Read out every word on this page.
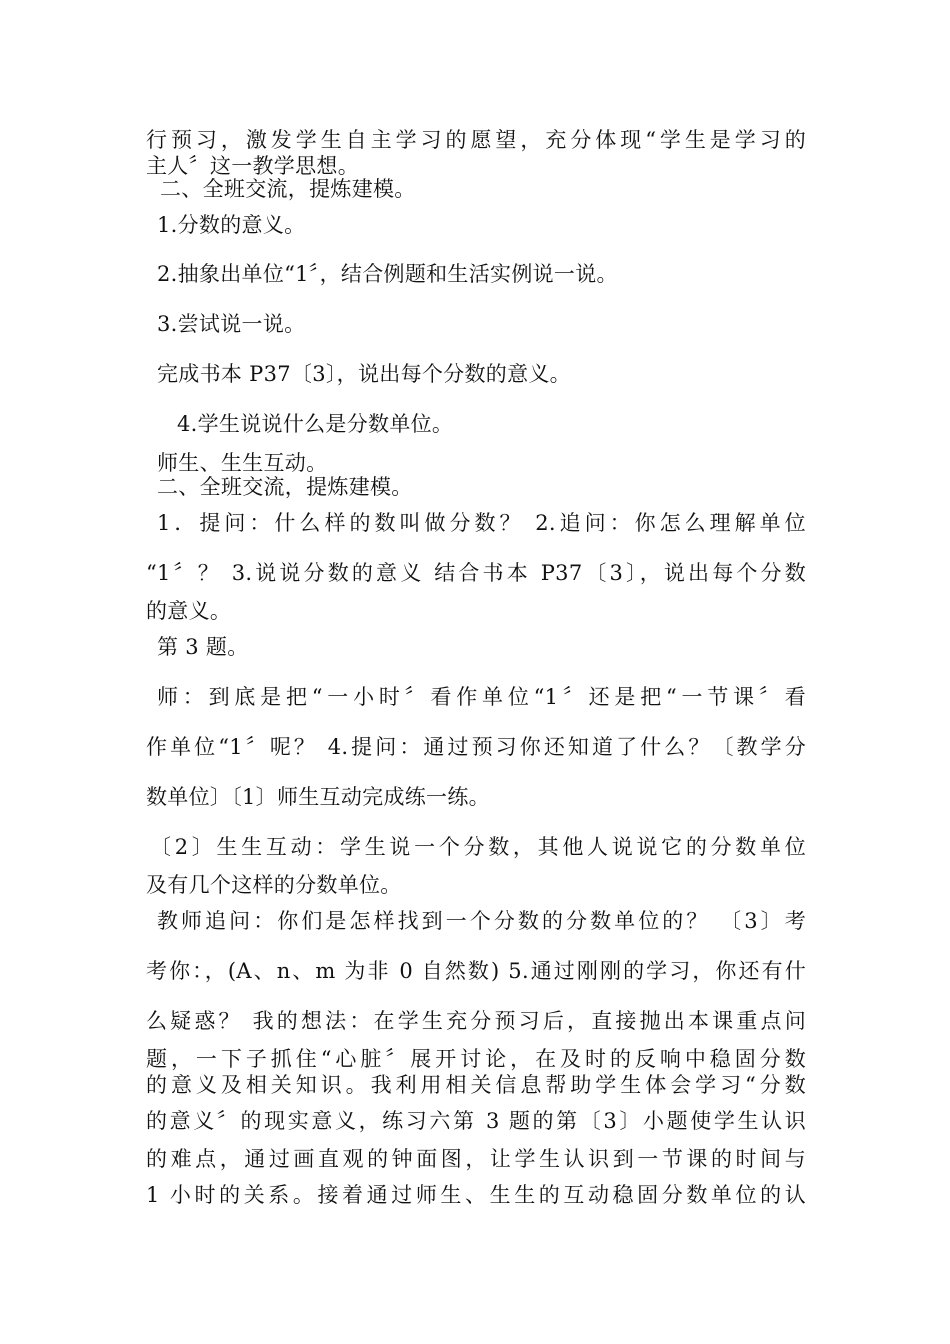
行预习，激发学生自主学习的愿望，充分体现“学生是学习的
主人〞这一教学思想。
二、全班交流，提炼建模。
1.分数的意义。
2.抽象出单位“1〞，结合例题和生活实例说一说。
3.尝试说一说。
完成书本 P37〔3〕，说出每个分数的意义。
4.学生说说什么是分数单位。
师生、生生互动。
二、全班交流，提炼建模。
1．提问：什么样的数叫做分数？ 2.追问：你怎么理解单位
“1〞？ 3.说说分数的意义 结合书本 P37〔3〕，说出每个分数
的意义。
第 3 题。
师：到底是把“一小时〞看作单位“1〞还是把“一节课〞看
作单位“1〞呢？ 4.提问：通过预习你还知道了什么？〔教学分
数单位〕〔1〕师生互动完成练一练。
〔2〕生生互动：学生说一个分数，其他人说说它的分数单位
及有几个这样的分数单位。
教师追问：你们是怎样找到一个分数的分数单位的？ 〔3〕考
考你：，(A、n、m 为非 0 自然数) 5.通过刚刚的学习，你还有什
么疑惑？ 我的想法：在学生充分预习后，直接抛出本课重点问
题，一下子抓住“心脏〞展开讨论，在及时的反响中稳固分数
的意义及相关知识。我利用相关信息帮助学生体会学习“分数
的意义〞的现实意义，练习六第 3 题的第〔3〕小题使学生认识
的难点，通过画直观的钟面图，让学生认识到一节课的时间与
1 小时的关系。接着通过师生、生生的互动稳固分数单位的认
